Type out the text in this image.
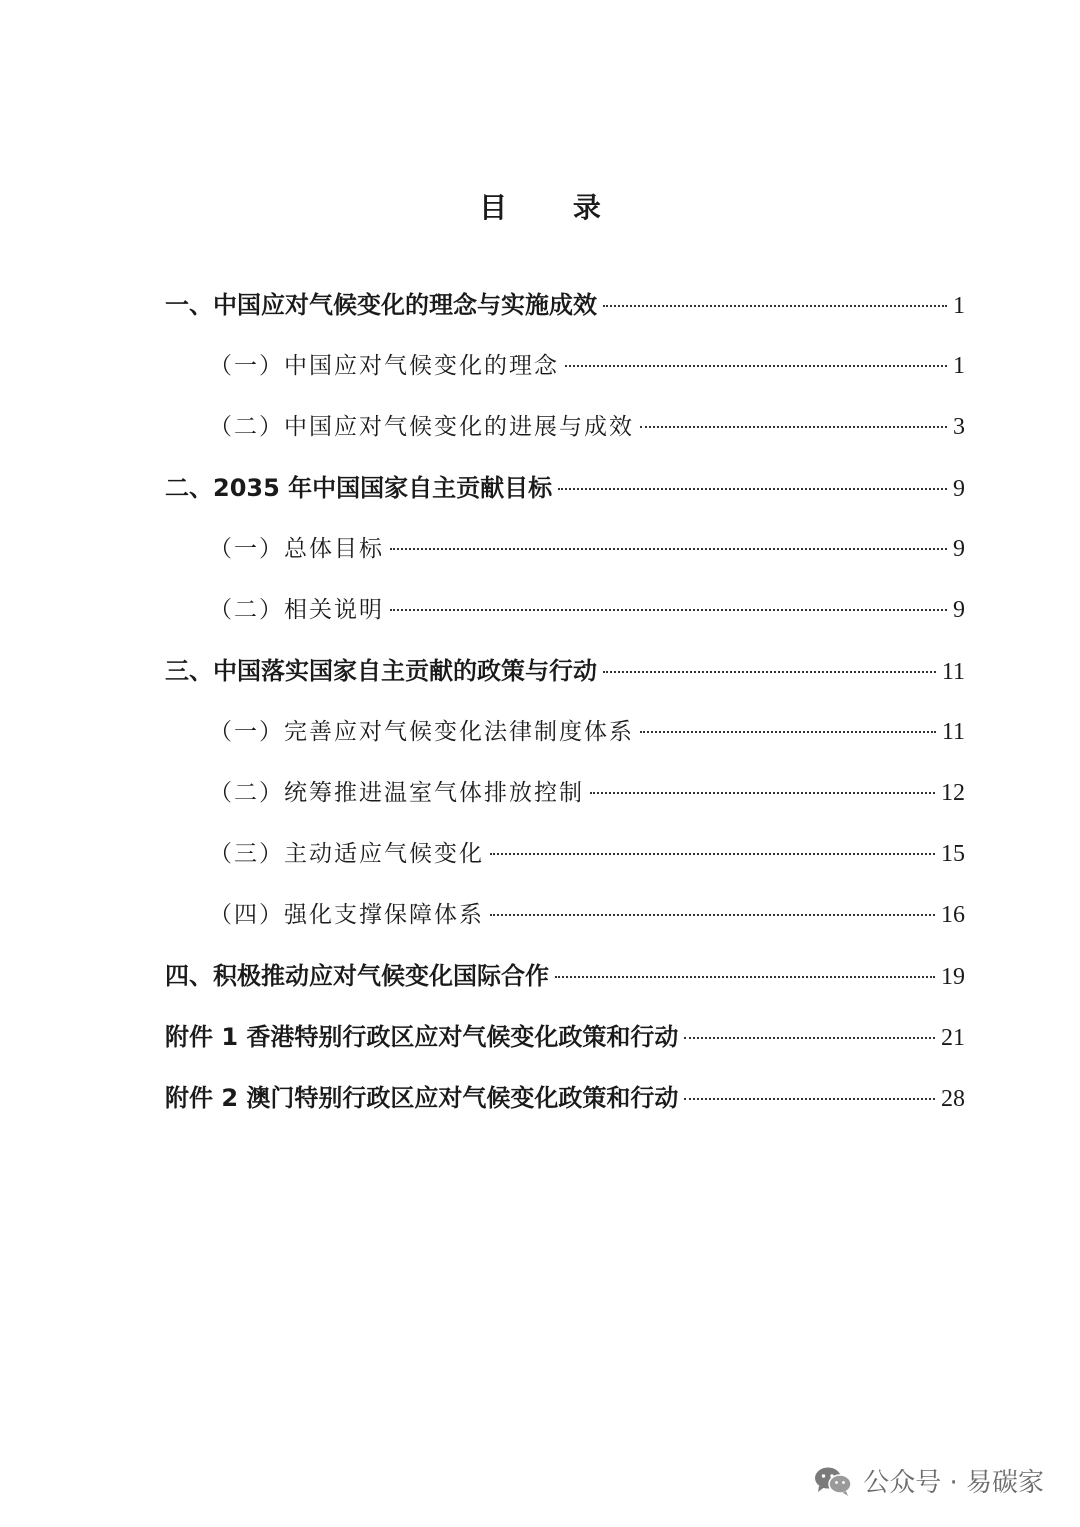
目 录
一、中国应对气候变化的理念与实施成效	1
（一）中国应对气候变化的理念	1
（二）中国应对气候变化的进展与成效	3
二、2035 年中国国家自主贡献目标	9
（一）总体目标	9
（二）相关说明	9
三、中国落实国家自主贡献的政策与行动	11
（一）完善应对气候变化法律制度体系	11
（二）统筹推进温室气体排放控制	12
（三）主动适应气候变化	15
（四）强化支撑保障体系	16
四、积极推动应对气候变化国际合作	19
附件 1 香港特别行政区应对气候变化政策和行动	21
附件 2 澳门特别行政区应对气候变化政策和行动	28
公众号 · 易碳家
